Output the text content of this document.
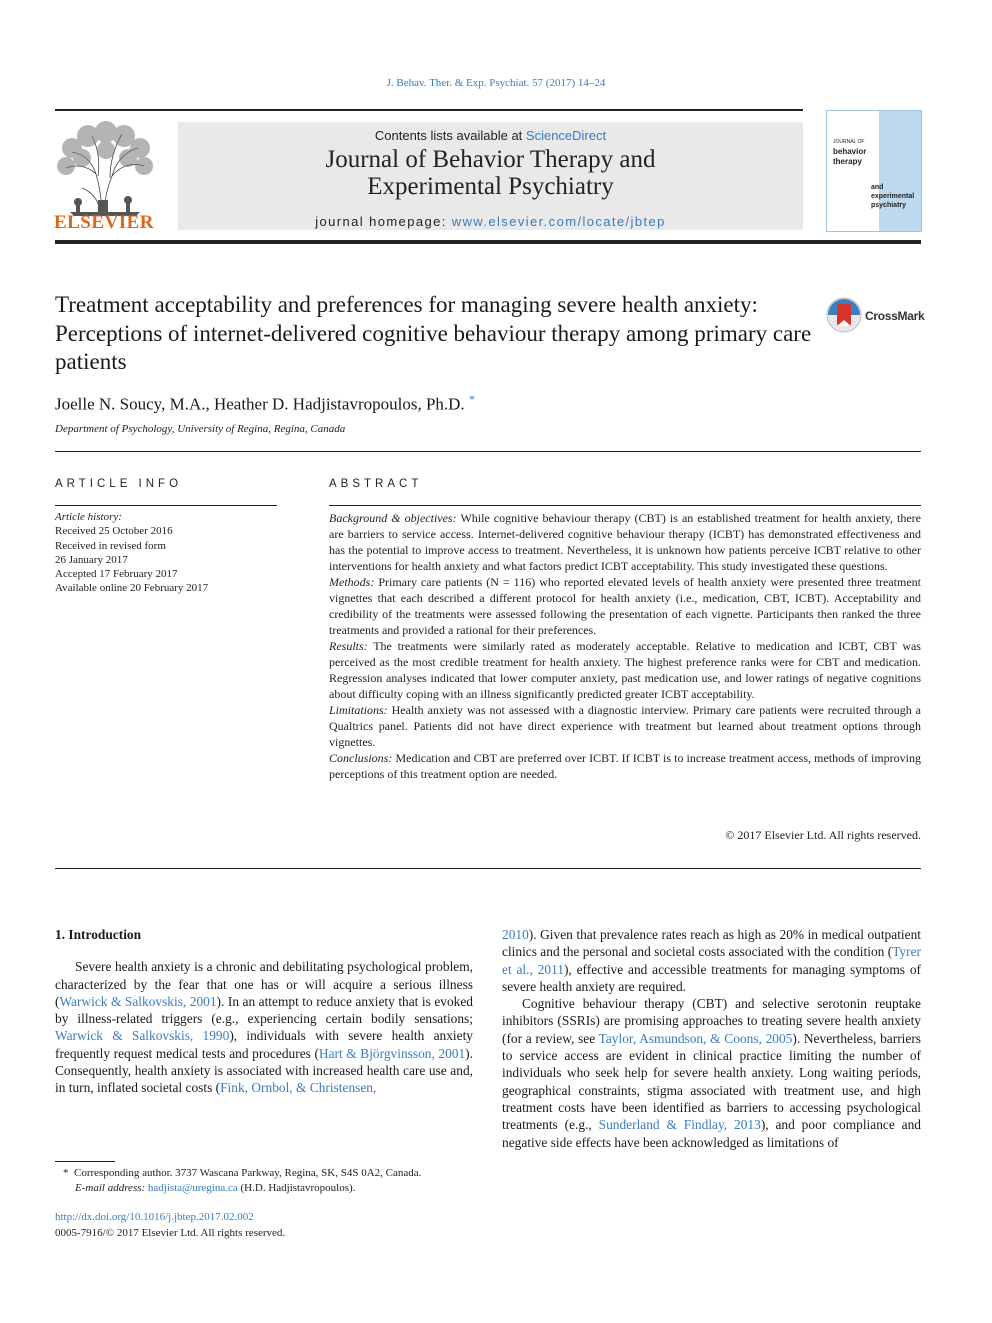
J. Behav. Ther. & Exp. Psychiat. 57 (2017) 14–24
ELSEVIER
Contents lists available at ScienceDirect
Journal of Behavior Therapy and
Experimental Psychiatry
journal homepage: www.elsevier.com/locate/jbtep
JOURNAL OF
behavior
therapy
and
experimental
psychiatry
Treatment acceptability and preferences for managing severe health anxiety: Perceptions of internet-delivered cognitive behaviour therapy among primary care patients
CrossMark
Joelle N. Soucy, M.A., Heather D. Hadjistavropoulos, Ph.D. *
Department of Psychology, University of Regina, Regina, Canada
ARTICLE INFO
Article history:
Received 25 October 2016
Received in revised form
26 January 2017
Accepted 17 February 2017
Available online 20 February 2017
ABSTRACT

Background & objectives: While cognitive behaviour therapy (CBT) is an established treatment for health anxiety, there are barriers to service access. Internet-delivered cognitive behaviour therapy (ICBT) has demonstrated effectiveness and has the potential to improve access to treatment. Nevertheless, it is unknown how patients perceive ICBT relative to other interventions for health anxiety and what factors predict ICBT acceptability. This study investigated these questions.

Methods: Primary care patients (N = 116) who reported elevated levels of health anxiety were presented three treatment vignettes that each described a different protocol for health anxiety (i.e., medication, CBT, ICBT). Acceptability and credibility of the treatments were assessed following the presentation of each vignette. Participants then ranked the three treatments and provided a rational for their preferences.

Results: The treatments were similarly rated as moderately acceptable. Relative to medication and ICBT, CBT was perceived as the most credible treatment for health anxiety. The highest preference ranks were for CBT and medication. Regression analyses indicated that lower computer anxiety, past medication use, and lower ratings of negative cognitions about difficulty coping with an illness significantly predicted greater ICBT acceptability.

Limitations: Health anxiety was not assessed with a diagnostic interview. Primary care patients were recruited through a Qualtrics panel. Patients did not have direct experience with treatment but learned about treatment options through vignettes.

Conclusions: Medication and CBT are preferred over ICBT. If ICBT is to increase treatment access, methods of improving perceptions of this treatment option are needed.

© 2017 Elsevier Ltd. All rights reserved.
1. Introduction

Severe health anxiety is a chronic and debilitating psychological problem, characterized by the fear that one has or will acquire a serious illness (Warwick & Salkovskis, 2001). In an attempt to reduce anxiety that is evoked by illness-related triggers (e.g., experiencing certain bodily sensations; Warwick & Salkovskis, 1990), individuals with severe health anxiety frequently request medical tests and procedures (Hart & Björgvinsson, 2001). Consequently, health anxiety is associated with increased health care use and, in turn, inflated societal costs (Fink, Ornbol, & Christensen,

2010). Given that prevalence rates reach as high as 20% in medical outpatient clinics and the personal and societal costs associated with the condition (Tyrer et al., 2011), effective and accessible treatments for managing symptoms of severe health anxiety are required.

Cognitive behaviour therapy (CBT) and selective serotonin reuptake inhibitors (SSRIs) are promising approaches to treating severe health anxiety (for a review, see Taylor, Asmundson, & Coons, 2005). Nevertheless, barriers to service access are evident in clinical practice limiting the number of individuals who seek help for severe health anxiety. Long waiting periods, geographical constraints, stigma associated with treatment use, and high treatment costs have been identified as barriers to accessing psychological treatments (e.g., Sunderland & Findlay, 2013), and poor compliance and negative side effects have been acknowledged as limitations of

* Corresponding author. 3737 Wascana Parkway, Regina, SK, S4S 0A2, Canada.
E-mail address: hadjista@uregina.ca (H.D. Hadjistavropoulos).
http://dx.doi.org/10.1016/j.jbtep.2017.02.002
0005-7916/© 2017 Elsevier Ltd. All rights reserved.
